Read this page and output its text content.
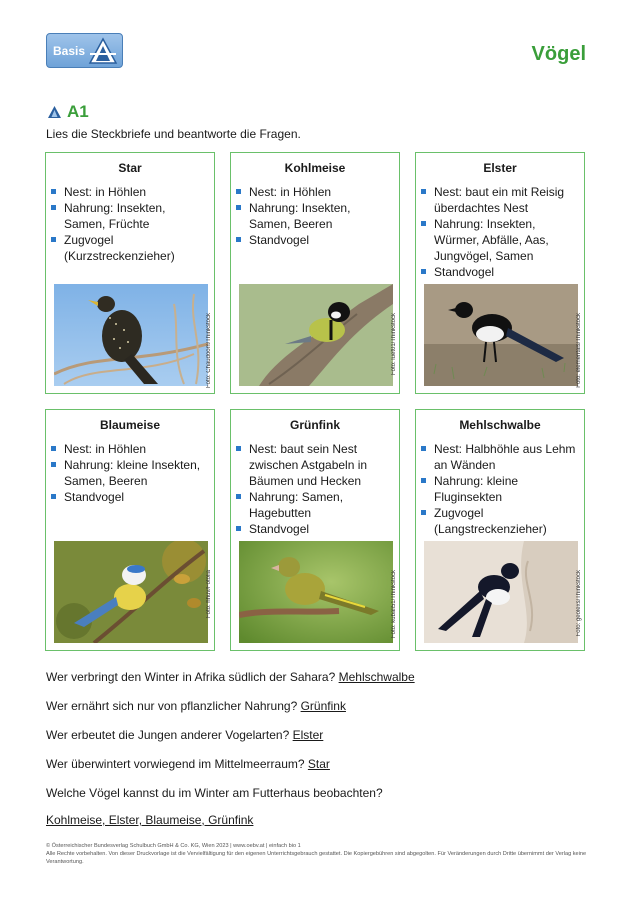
Basis	Vögel
A1
Lies die Steckbriefe und beantworte die Fragen.
Star
Nest: in Höhlen
Nahrung: Insekten, Samen, Früchte
Zugvogel (Kurzstreckenzieher)
Foto: Chaudoom/Thinkstock
Kohlmeise
Nest: in Höhlen
Nahrung: Insekten, Samen, Beeren
Standvogel
Foto: luet01/Thinkstock
Elster
Nest: baut ein mit Reisig überdachtes Nest
Nahrung: Insekten, Würmer, Abfälle, Aas, Jungvögel, Samen
Standvogel
Foto: elementals/Thinkstock
Blaumeise
Nest: in Höhlen
Nahrung: kleine Insekten, Samen, Beeren
Standvogel
Foto: hhuv/Fotolia
Grünfink
Nest: baut sein Nest zwischen Astgabeln in Bäumen und Hecken
Nahrung: Samen, Hagebutten
Standvogel
Foto: kubali51/Thinkstock
Mehlschwalbe
Nest: Halbhöhle aus Lehm an Wänden
Nahrung: kleine Fluginsekten
Zugvogel (Langstreckenzieher)
Foto: geolexs/Thinkstock
Wer verbringt den Winter in Afrika südlich der Sahara? Mehlschwalbe
Wer ernährt sich nur von pflanzlicher Nahrung? Grünfink
Wer erbeutet die Jungen anderer Vogelarten? Elster
Wer überwintert vorwiegend im Mittelmeerraum? Star
Welche Vögel kannst du im Winter am Futterhaus beobachten?
Kohlmeise, Elster, Blaumeise, Grünfink
© Österreichischer Bundesverlag Schulbuch GmbH & Co. KG, Wien 2023 | www.oebv.at | einfach bio 1
Alle Rechte vorbehalten. Von dieser Druckvorlage ist die Vervielfältigung für den eigenen Unterrichtsgebrauch gestattet. Die Kopiergebühren sind abgegolten. Für Veränderungen durch Dritte übernimmt der Verlag keine Verantwortung.
